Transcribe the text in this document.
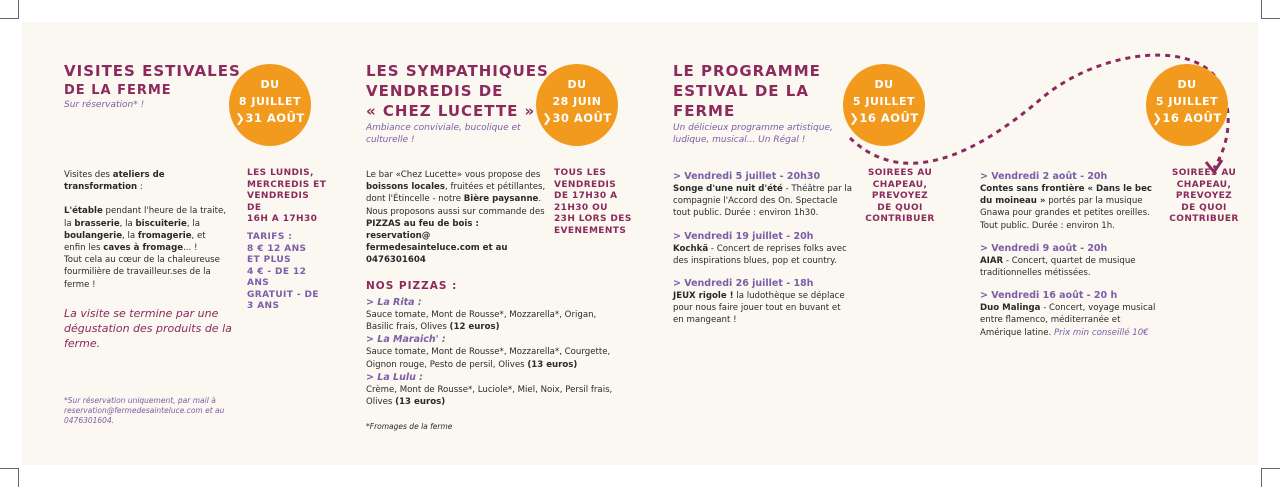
VISITES ESTIVALES
DE LA FERME
Sur réservation* !
DU
8 JUILLET
❯31 AOÛT
Visites des ateliers de transformation :
L'étable pendant l'heure de la traite, la brasserie, la biscuiterie, la boulangerie, la fromagerie, et enfin les caves à fromage... !
Tout cela au cœur de la chaleureuse fourmilière de travailleur.ses de la ferme !
La visite se termine par une dégustation des produits de la ferme.
*Sur réservation uniquement, par mail à reservation@fermedesainteluce.com et au 0476301604.
LES LUNDIS,
MERCREDIS ET
VENDREDIS DE
16H A 17H30
TARIFS :
8 € 12 ANS
ET PLUS
4 € - DE 12
ANS
GRATUIT - DE
3 ANS
LES SYMPATHIQUES
VENDREDIS DE
« CHEZ LUCETTE »
Ambiance conviviale, bucolique et culturelle !
DU
28 JUIN
❯30 AOÛT
Le bar «Chez Lucette» vous propose des boissons locales, fruitées et pétillantes, dont l'Étincelle - notre Bière paysanne.
Nous proposons aussi sur commande des PIZZAS au feu de bois : reservation@ fermedesainteluce.com et au 0476301604
TOUS LES
VENDREDIS
DE 17H30 A
21H30 OU
23H LORS DES
EVENEMENTS
NOS PIZZAS :
> La Rita :
Sauce tomate, Mont de Rousse*, Mozzarella*, Origan, Basilic frais, Olives (12 euros)
> La Maraich' :
Sauce tomate, Mont de Rousse*, Mozzarella*, Courgette, Oignon rouge, Pesto de persil, Olives (13 euros)
> La Lulu :
Crème, Mont de Rousse*, Luciole*, Miel, Noix, Persil frais, Olives (13 euros)
*Fromages de la ferme
LE PROGRAMME
ESTIVAL DE LA
FERME
Un délicieux programme artistique, ludique, musical... Un Régal !
DU
5 JUILLET
❯16 AOÛT
> Vendredi 5 juillet - 20h30
Songe d'une nuit d'été - Théâtre par la compagnie l'Accord des On. Spectacle tout public. Durée : environ 1h30.
> Vendredi 19 juillet - 20h
Kochkã - Concert de reprises folks avec des inspirations blues, pop et country.
> Vendredi 26 juillet - 18h
JEUX rigole ! la ludothèque se déplace pour nous faire jouer tout en buvant et en mangeant !
SOIREES AU
CHAPEAU,
PREVOYEZ
DE QUOI
CONTRIBUER
DU
5 JUILLET
❯16 AOÛT
> Vendredi 2 août - 20h
Contes sans frontière « Dans le bec du moineau » portés par la musique Gnawa pour grandes et petites oreilles. Tout public. Durée : environ 1h.
> Vendredi 9 août - 20h
AIAR - Concert, quartet de musique traditionnelles métissées.
> Vendredi 16 août - 20 h
Duo Malinga - Concert, voyage musical entre flamenco, méditerranée et Amérique latine. Prix min conseillé 10€
SOIREES AU
CHAPEAU,
PREVOYEZ
DE QUOI
CONTRIBUER
